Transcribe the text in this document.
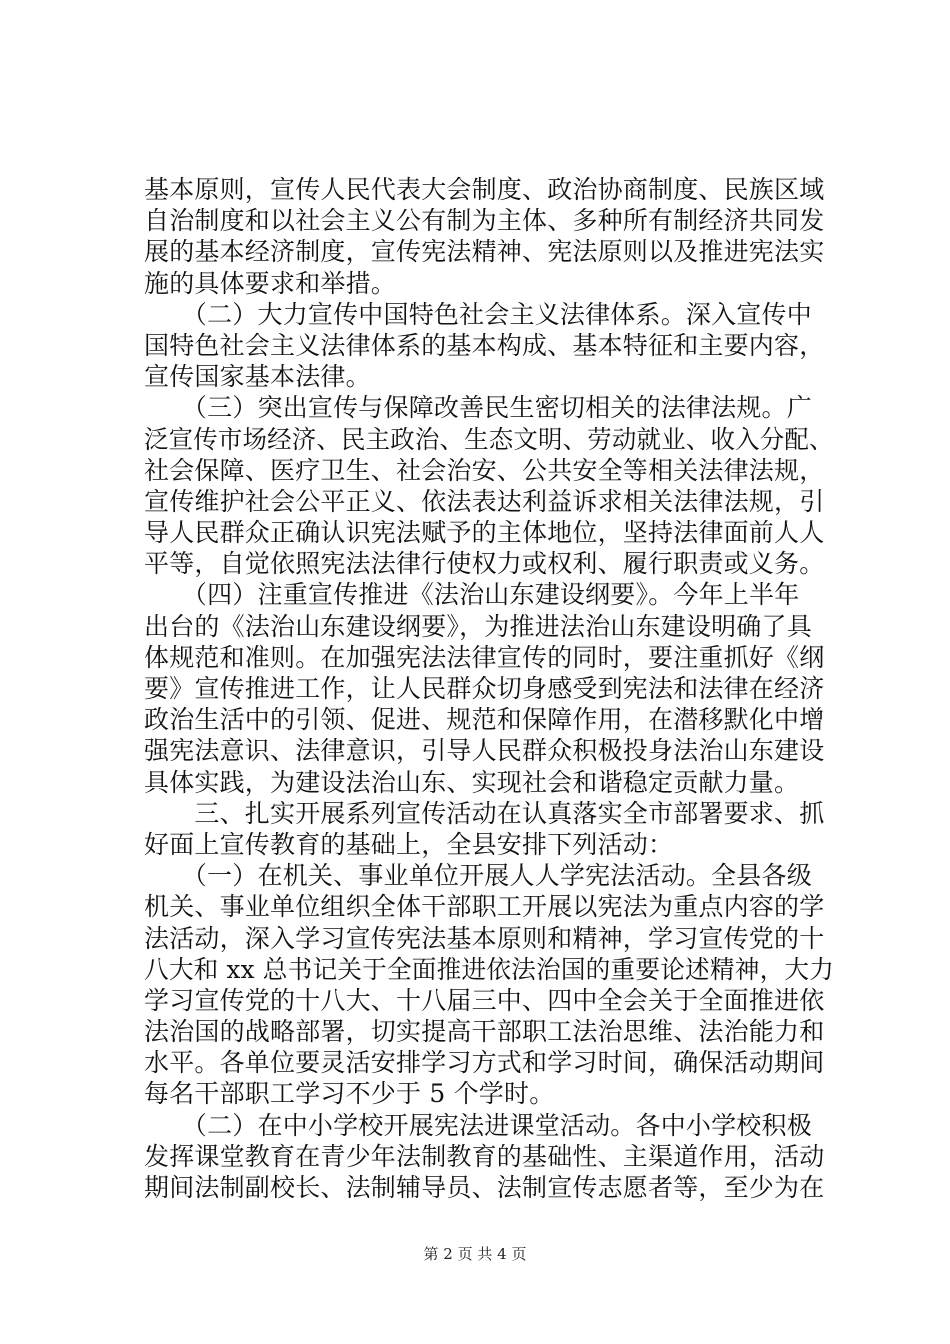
基本原则，宣传人民代表大会制度、政治协商制度、民族区域
自治制度和以社会主义公有制为主体、多种所有制经济共同发
展的基本经济制度，宣传宪法精神、宪法原则以及推进宪法实
施的具体要求和举措。
　　（二）大力宣传中国特色社会主义法律体系。深入宣传中
国特色社会主义法律体系的基本构成、基本特征和主要内容，
宣传国家基本法律。
　　（三）突出宣传与保障改善民生密切相关的法律法规。广
泛宣传市场经济、民主政治、生态文明、劳动就业、收入分配、
社会保障、医疗卫生、社会治安、公共安全等相关法律法规，
宣传维护社会公平正义、依法表达利益诉求相关法律法规，引
导人民群众正确认识宪法赋予的主体地位，坚持法律面前人人
平等，自觉依照宪法法律行使权力或权利、履行职责或义务。
　　（四）注重宣传推进《法治山东建设纲要》。今年上半年
出台的《法治山东建设纲要》，为推进法治山东建设明确了具
体规范和准则。在加强宪法法律宣传的同时，要注重抓好《纲
要》宣传推进工作，让人民群众切身感受到宪法和法律在经济
政治生活中的引领、促进、规范和保障作用，在潜移默化中增
强宪法意识、法律意识，引导人民群众积极投身法治山东建设
具体实践，为建设法治山东、实现社会和谐稳定贡献力量。
　　三、扎实开展系列宣传活动在认真落实全市部署要求、抓
好面上宣传教育的基础上，全县安排下列活动：
　　（一）在机关、事业单位开展人人学宪法活动。全县各级
机关、事业单位组织全体干部职工开展以宪法为重点内容的学
法活动，深入学习宣传宪法基本原则和精神，学习宣传党的十
八大和 xx 总书记关于全面推进依法治国的重要论述精神，大力
学习宣传党的十八大、十八届三中、四中全会关于全面推进依
法治国的战略部署，切实提高干部职工法治思维、法治能力和
水平。各单位要灵活安排学习方式和学习时间，确保活动期间
每名干部职工学习不少于 5 个学时。
　　（二）在中小学校开展宪法进课堂活动。各中小学校积极
发挥课堂教育在青少年法制教育的基础性、主渠道作用，活动
期间法制副校长、法制辅导员、法制宣传志愿者等，至少为在
第 2 页 共 4 页
